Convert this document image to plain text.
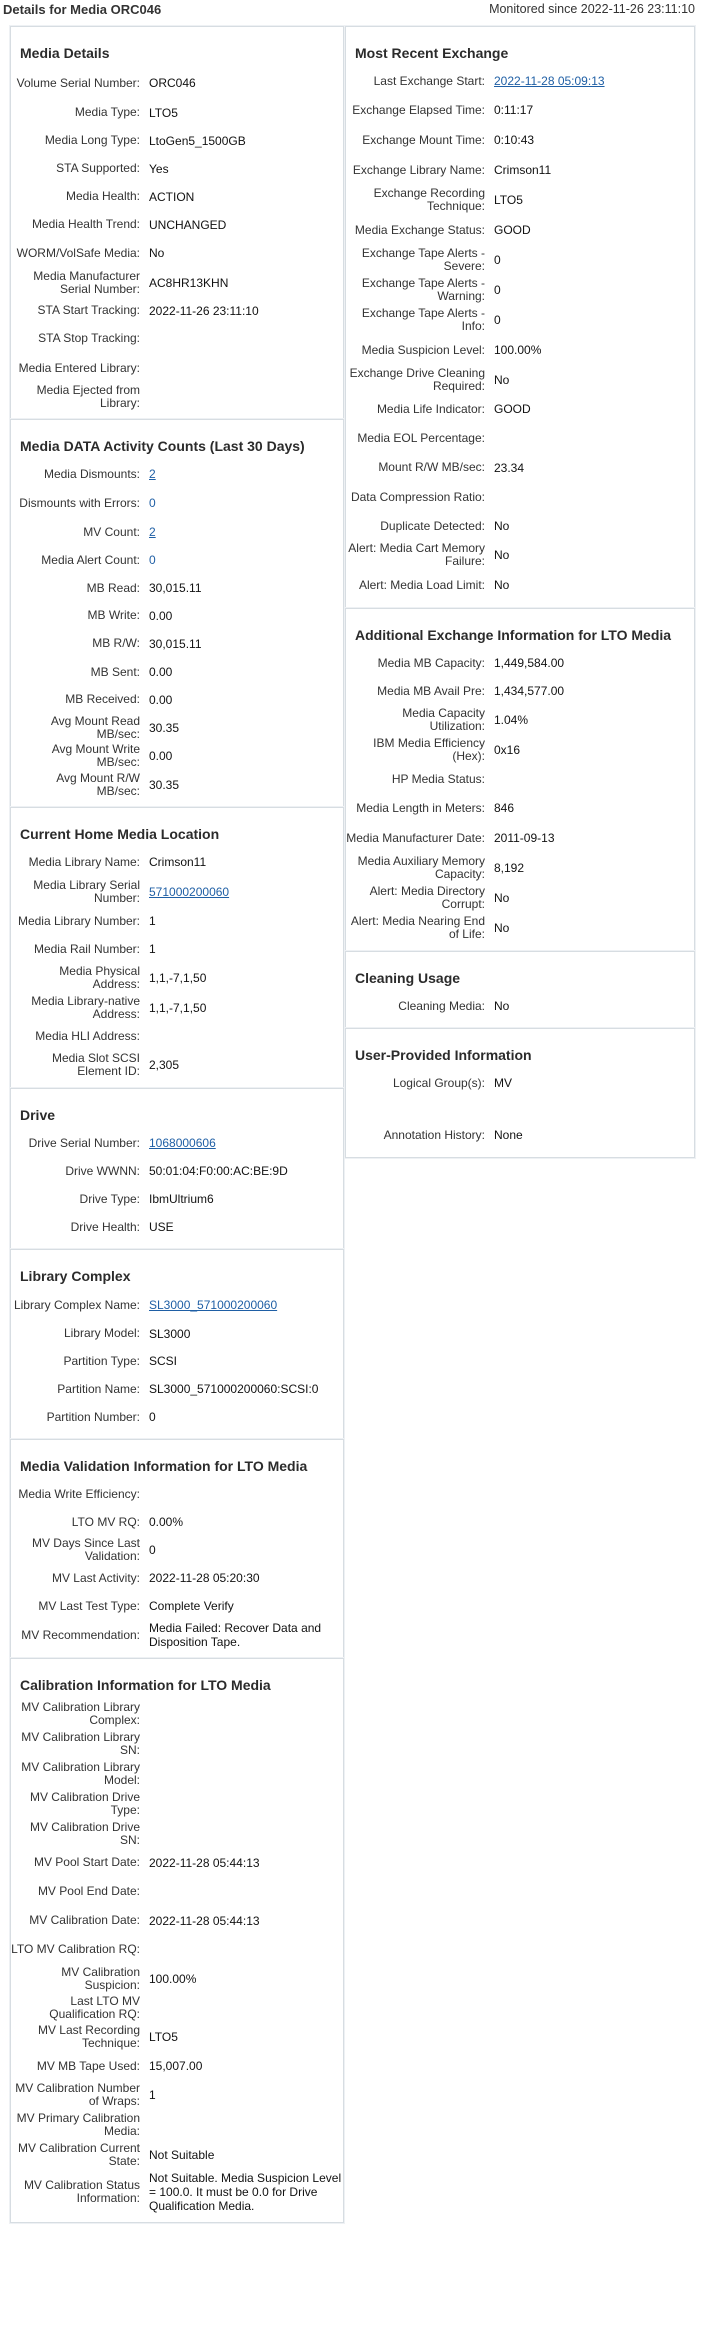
Details for Media ORC046	Monitored since 2022-11-26 23:11:10
Media Details
Volume Serial Number: ORC046
Media Type: LTO5
Media Long Type: LtoGen5_1500GB
STA Supported: Yes
Media Health: ACTION
Media Health Trend: UNCHANGED
WORM/VolSafe Media: No
Media Manufacturer Serial Number: AC8HR13KHN
STA Start Tracking: 2022-11-26 23:11:10
STA Stop Tracking:
Media Entered Library:
Media Ejected from Library:
Media DATA Activity Counts (Last 30 Days)
Media Dismounts: 2
Dismounts with Errors: 0
MV Count: 2
Media Alert Count: 0
MB Read: 30,015.11
MB Write: 0.00
MB R/W: 30,015.11
MB Sent: 0.00
MB Received: 0.00
Avg Mount Read MB/sec: 30.35
Avg Mount Write MB/sec: 0.00
Avg Mount R/W MB/sec: 30.35
Current Home Media Location
Media Library Name: Crimson11
Media Library Serial Number: 571000200060
Media Library Number: 1
Media Rail Number: 1
Media Physical Address: 1,1,-7,1,50
Media Library-native Address: 1,1,-7,1,50
Media HLI Address:
Media Slot SCSI Element ID: 2,305
Drive
Drive Serial Number: 1068000606
Drive WWNN: 50:01:04:F0:00:AC:BE:9D
Drive Type: IbmUltrium6
Drive Health: USE
Library Complex
Library Complex Name: SL3000_571000200060
Library Model: SL3000
Partition Type: SCSI
Partition Name: SL3000_571000200060:SCSI:0
Partition Number: 0
Media Validation Information for LTO Media
Media Write Efficiency:
LTO MV RQ: 0.00%
MV Days Since Last Validation: 0
MV Last Activity: 2022-11-28 05:20:30
MV Last Test Type: Complete Verify
MV Recommendation: Media Failed: Recover Data and Disposition Tape.
Calibration Information for LTO Media
MV Calibration Library Complex:
MV Calibration Library SN:
MV Calibration Library Model:
MV Calibration Drive Type:
MV Calibration Drive SN:
MV Pool Start Date: 2022-11-28 05:44:13
MV Pool End Date:
MV Calibration Date: 2022-11-28 05:44:13
LTO MV Calibration RQ:
MV Calibration Suspicion: 100.00%
Last LTO MV Qualification RQ:
MV Last Recording Technique: LTO5
MV MB Tape Used: 15,007.00
MV Calibration Number of Wraps: 1
MV Primary Calibration Media:
MV Calibration Current State: Not Suitable
MV Calibration Status Information:
Not Suitable. Media Suspicion Level = 100.0. It must be 0.0 for Drive Qualification Media.
Most Recent Exchange
Last Exchange Start: 2022-11-28 05:09:13
Exchange Elapsed Time: 0:11:17
Exchange Mount Time: 0:10:43
Exchange Library Name: Crimson11
Exchange Recording Technique: LTO5
Media Exchange Status: GOOD
Exchange Tape Alerts - Severe: 0
Exchange Tape Alerts - Warning: 0
Exchange Tape Alerts - Info: 0
Media Suspicion Level: 100.00%
Exchange Drive Cleaning Required: No
Media Life Indicator: GOOD
Media EOL Percentage:
Mount R/W MB/sec: 23.34
Data Compression Ratio:
Duplicate Detected: No
Alert: Media Cart Memory Failure: No
Alert: Media Load Limit: No
Additional Exchange Information for LTO Media
Media MB Capacity: 1,449,584.00
Media MB Avail Pre: 1,434,577.00
Media Capacity Utilization: 1.04%
IBM Media Efficiency (Hex): 0x16
HP Media Status:
Media Length in Meters: 846
Media Manufacturer Date: 2011-09-13
Media Auxiliary Memory Capacity: 8,192
Alert: Media Directory Corrupt: No
Alert: Media Nearing End of Life: No
Cleaning Usage
Cleaning Media: No
User-Provided Information
Logical Group(s): MV
Annotation History: None
